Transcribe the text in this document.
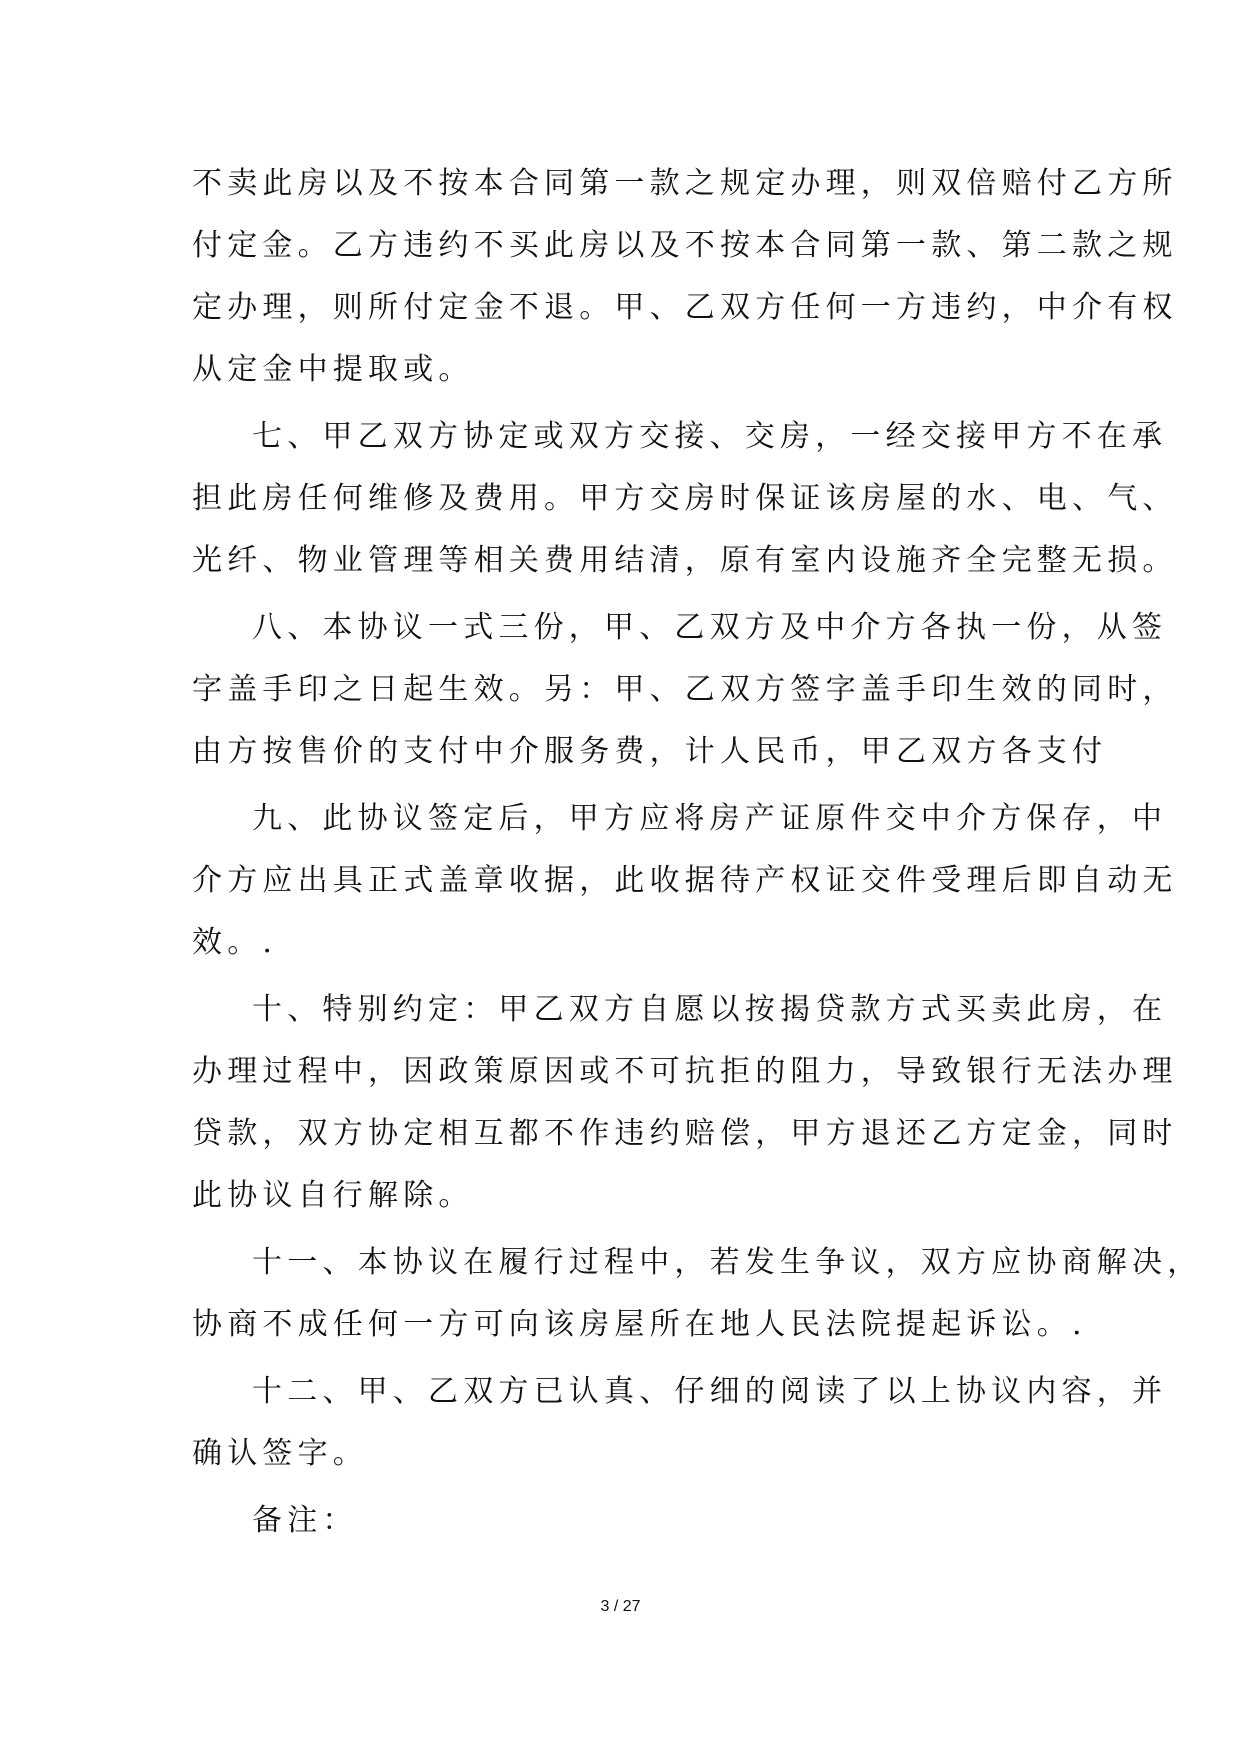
不卖此房以及不按本合同第一款之规定办理，则双倍赔付乙方所
付定金。乙方违约不买此房以及不按本合同第一款、第二款之规
定办理，则所付定金不退。甲、乙双方任何一方违约，中介有权
从定金中提取或。
七、甲乙双方协定或双方交接、交房，一经交接甲方不在承
担此房任何维修及费用。甲方交房时保证该房屋的水、电、气、
光纤、物业管理等相关费用结清，原有室内设施齐全完整无损。
八、本协议一式三份，甲、乙双方及中介方各执一份，从签
字盖手印之日起生效。另：甲、乙双方签字盖手印生效的同时，
由方按售价的支付中介服务费，计人民币，甲乙双方各支付
九、此协议签定后，甲方应将房产证原件交中介方保存，中
介方应出具正式盖章收据，此收据待产权证交件受理后即自动无
效。.
十、特别约定：甲乙双方自愿以按揭贷款方式买卖此房，在
办理过程中，因政策原因或不可抗拒的阻力，导致银行无法办理
贷款，双方协定相互都不作违约赔偿，甲方退还乙方定金，同时
此协议自行解除。
十一、本协议在履行过程中，若发生争议，双方应协商解决，
协商不成任何一方可向该房屋所在地人民法院提起诉讼。.
十二、甲、乙双方已认真、仔细的阅读了以上协议内容，并
确认签字。
备注：
3 / 27
